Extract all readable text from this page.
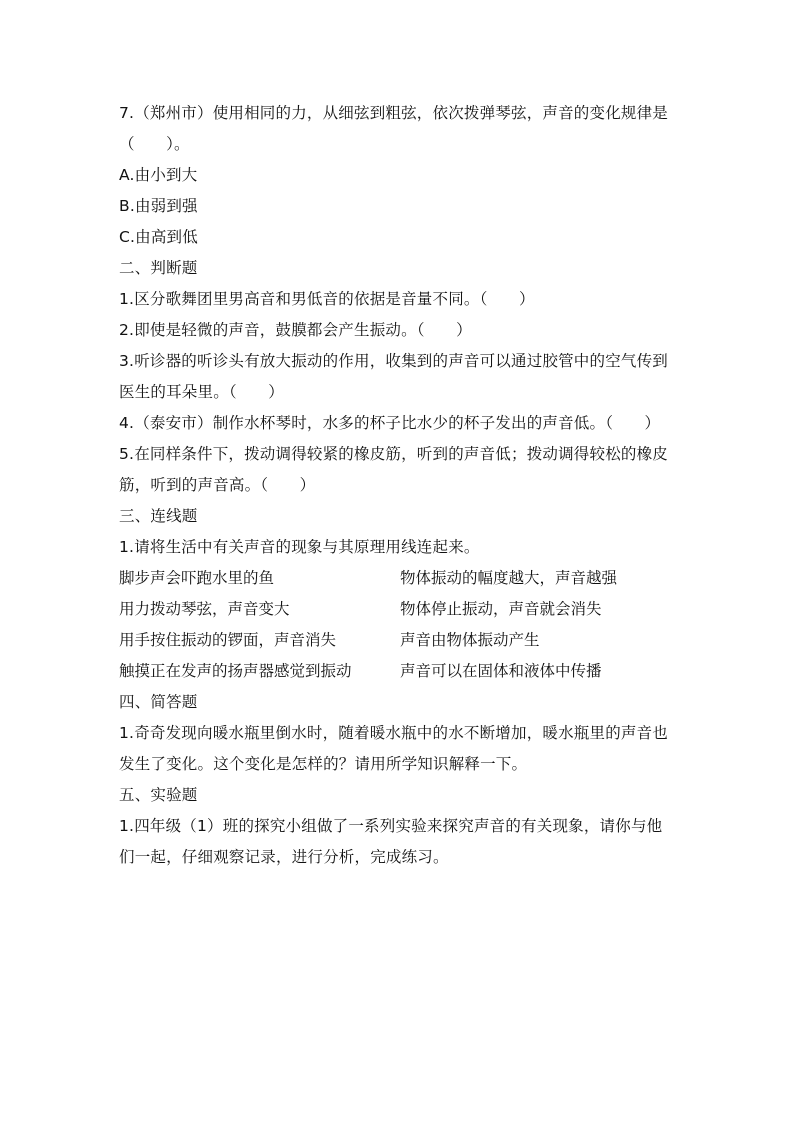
7.（郑州市）使用相同的力，从细弦到粗弦，依次拨弹琴弦，声音的变化规律是
（　　）。
A.由小到大
B.由弱到强
C.由高到低
二、判断题
1.区分歌舞团里男高音和男低音的依据是音量不同。（　　）
2.即使是轻微的声音，鼓膜都会产生振动。（　　）
3.听诊器的听诊头有放大振动的作用，收集到的声音可以通过胶管中的空气传到
医生的耳朵里。（　　）
4.（泰安市）制作水杯琴时，水多的杯子比水少的杯子发出的声音低。（　　）
5.在同样条件下，拨动调得较紧的橡皮筋，听到的声音低；拨动调得较松的橡皮
筋，听到的声音高。（　　）
三、连线题
1.请将生活中有关声音的现象与其原理用线连起来。
脚步声会吓跑水里的鱼	物体振动的幅度越大，声音越强
用力拨动琴弦，声音变大	物体停止振动，声音就会消失
用手按住振动的锣面，声音消失	声音由物体振动产生
触摸正在发声的扬声器感觉到振动	声音可以在固体和液体中传播
四、简答题
1.奇奇发现向暖水瓶里倒水时，随着暖水瓶中的水不断增加，暖水瓶里的声音也
发生了变化。这个变化是怎样的？请用所学知识解释一下。
五、实验题
1.四年级（1）班的探究小组做了一系列实验来探究声音的有关现象，请你与他
们一起，仔细观察记录，进行分析，完成练习。
